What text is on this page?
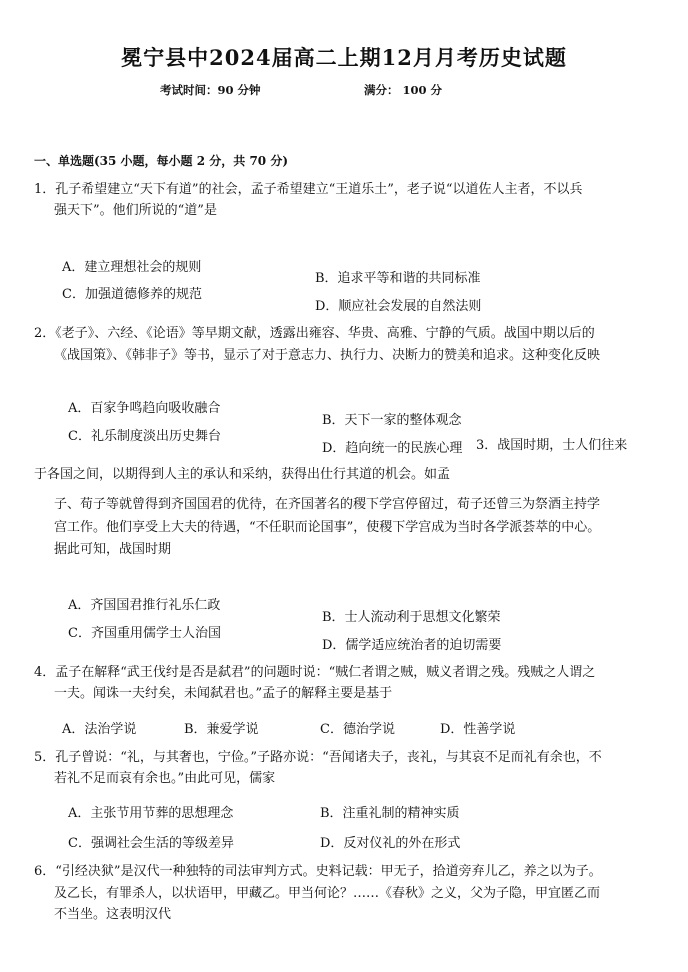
冕宁县中2024届高二上期12月月考历史试题
考试时间：90 分钟	满分： 100 分
一、单选题(35 小题，每小题 2 分，共 70 分)
1．孔子希望建立“天下有道”的社会，孟子希望建立“王道乐土”，老子说“以道佐人主者，不以兵
强天下”。他们所说的“道”是
A．建立理想社会的规则
B．追求平等和谐的共同标准
C．加强道德修养的规范
D．顺应社会发展的自然法则
2．《老子》、六经、《论语》等早期文献，透露出雍容、华贵、高雅、宁静的气质。战国中期以后的
《战国策》、《韩非子》等书，显示了对于意志力、执行力、决断力的赞美和追求。这种变化反映
A．百家争鸣趋向吸收融合
B．天下一家的整体观念
C．礼乐制度淡出历史舞台
D．趋向统一的民族心理 3．战国时期，士人们往来
于各国之间，以期得到人主的承认和采纳，获得出仕行其道的机会。如孟
子、荀子等就曾得到齐国国君的优待，在齐国著名的稷下学宫停留过，荀子还曾三为祭酒主持学
宫工作。他们享受上大夫的待遇，“不任职而论国事”，使稷下学宫成为当时各学派荟萃的中心。
据此可知，战国时期
A．齐国国君推行礼乐仁政
B．士人流动利于思想文化繁荣
C．齐国重用儒学士人治国
D．儒学适应统治者的迫切需要
4．孟子在解释“武王伐纣是否是弑君”的问题时说：“贼仁者谓之贼，贼义者谓之残。残贼之人谓之
一夫。闻诛一夫纣矣，未闻弑君也。”孟子的解释主要是基于
A．法治学说	B．兼爱学说	C．德治学说	D．性善学说
5．孔子曾说：“礼，与其奢也，宁俭。”子路亦说：“吾闻诸夫子，丧礼，与其哀不足而礼有余也，不
若礼不足而哀有余也。”由此可见，儒家
A．主张节用节葬的思想理念	B．注重礼制的精神实质
C．强调社会生活的等级差异	D．反对仪礼的外在形式
6．“引经决狱”是汉代一种独特的司法审判方式。史料记载：甲无子，拾道旁弃儿乙，养之以为子。
及乙长，有罪杀人，以状语甲，甲藏乙。甲当何论？……《春秋》之义，父为子隐，甲宜匿乙而
不当坐。这表明汉代
